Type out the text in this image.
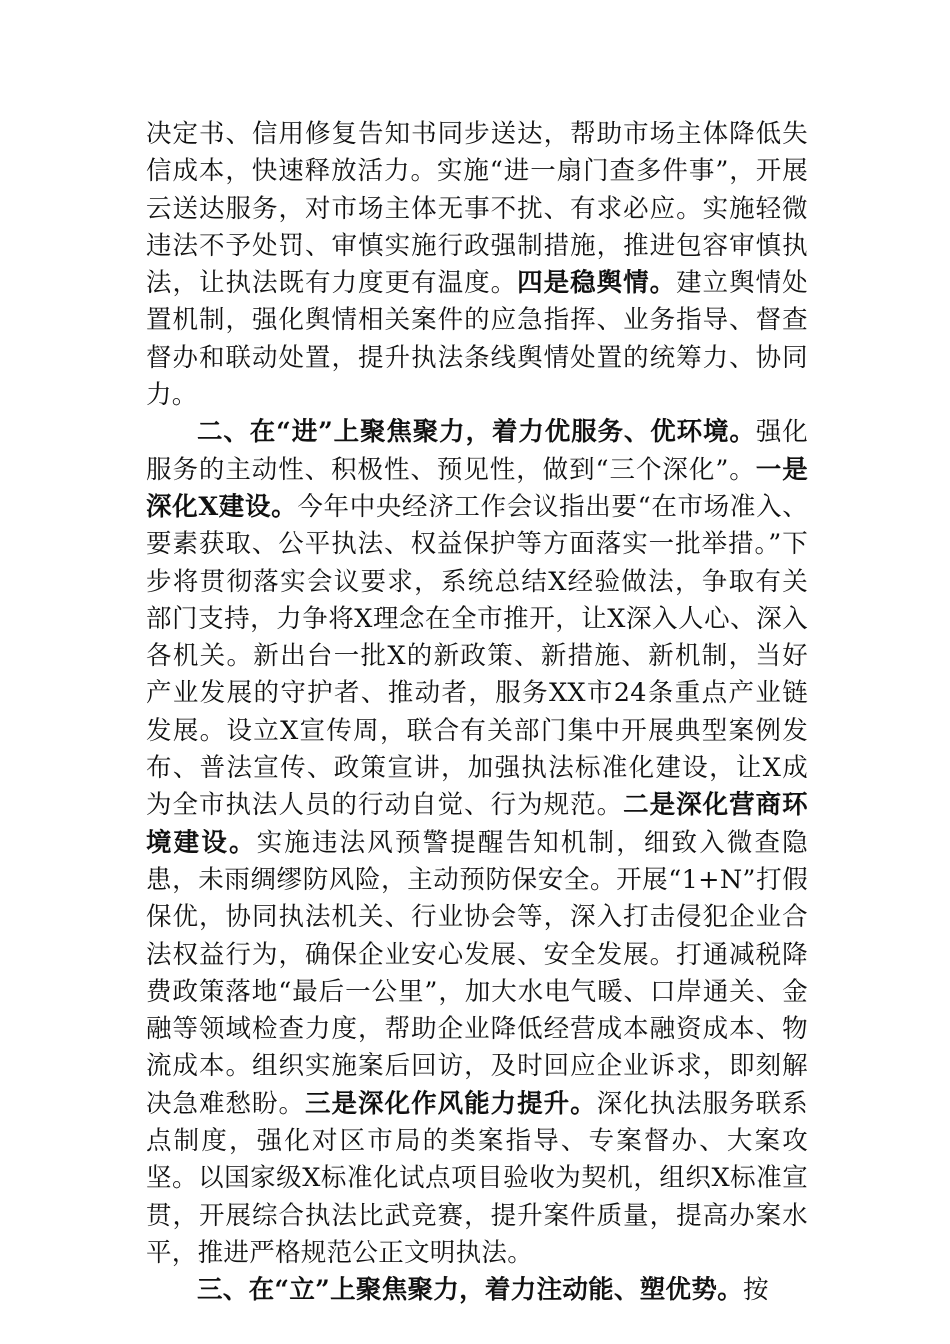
决定书、信用修复告知书同步送达，帮助市场主体降低失信成本，快速释放活力。实施“进一扇门查多件事”，开展云送达服务，对市场主体无事不扰、有求必应。实施轻微违法不予处罚、审慎实施行政强制措施，推进包容审慎执法，让执法既有力度更有温度。四是稳舆情。建立舆情处置机制，强化舆情相关案件的应急指挥、业务指导、督查督办和联动处置，提升执法条线舆情处置的统筹力、协同力。

二、在“进”上聚焦聚力，着力优服务、优环境。强化服务的主动性、积极性、预见性，做到“三个深化”。一是深化X建设。今年中央经济工作会议指出要“在市场准入、要素获取、公平执法、权益保护等方面落实一批举措。”下步将贯彻落实会议要求，系统总结X经验做法，争取有关部门支持，力争将X理念在全市推开，让X深入人心、深入各机关。新出台一批X的新政策、新措施、新机制，当好产业发展的守护者、推动者，服务XX市24条重点产业链发展。设立X宣传周，联合有关部门集中开展典型案例发布、普法宣传、政策宣讲，加强执法标准化建设，让X成为全市执法人员的行动自觉、行为规范。二是深化营商环境建设。实施违法风预警提醒告知机制，细致入微查隐患，未雨绸缪防风险，主动预防保安全。开展“1+N”打假保优，协同执法机关、行业协会等，深入打击侵犯企业合法权益行为，确保企业安心发展、安全发展。打通减税降费政策落地“最后一公里”，加大水电气暖、口岸通关、金融等领域检查力度，帮助企业降低经营成本融资成本、物流成本。组织实施案后回访，及时回应企业诉求，即刻解决急难愁盼。三是深化作风能力提升。深化执法服务联系点制度，强化对区市局的类案指导、专案督办、大案攻坚。以国家级X标准化试点项目验收为契机，组织X标准宣贯，开展综合执法比武竞赛，提升案件质量，提高办案水平，推进严格规范公正文明执法。

三、在“立”上聚焦聚力，着力注动能、塑优势。按
